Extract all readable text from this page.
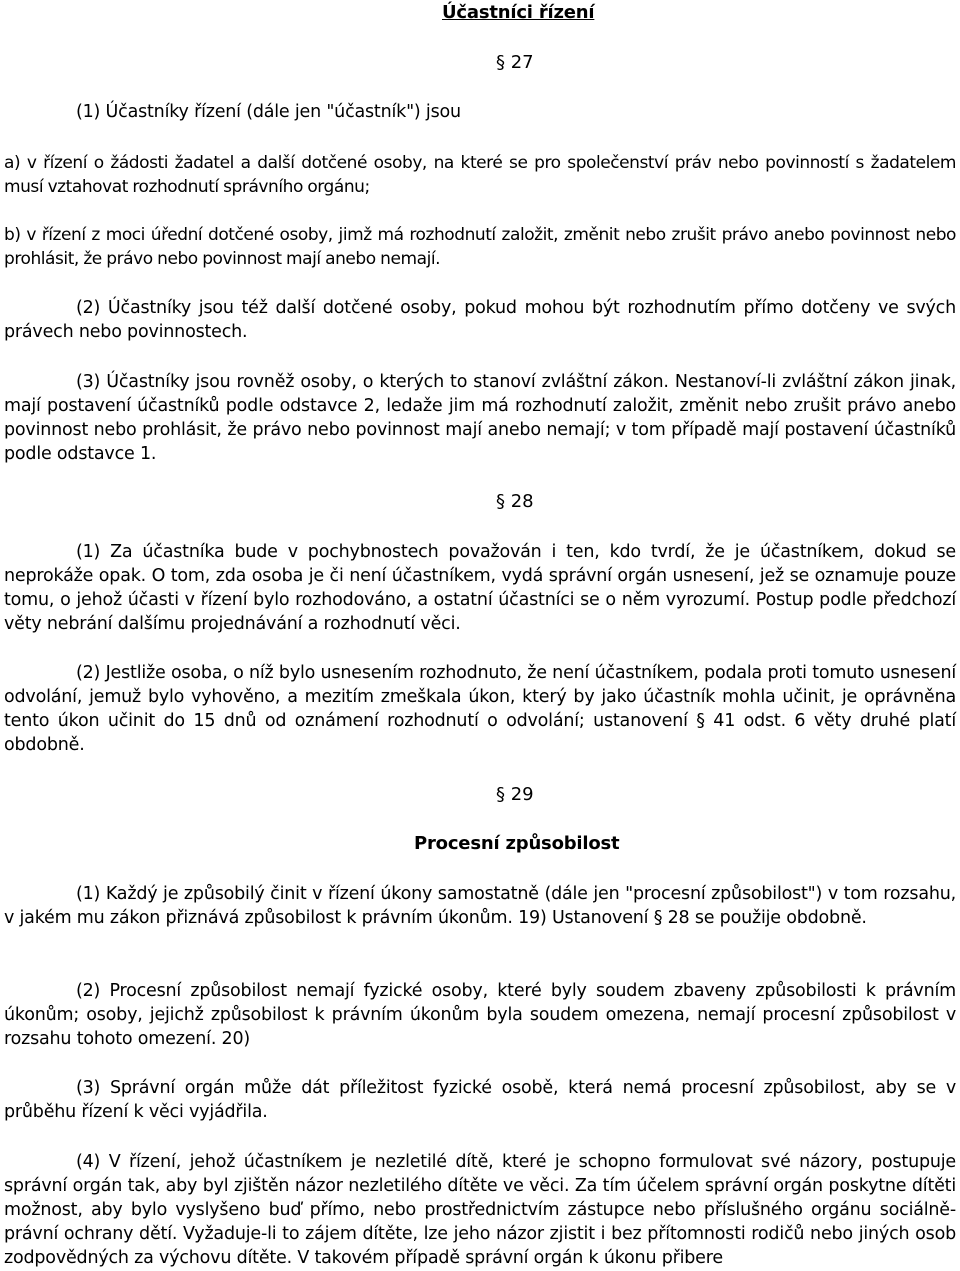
Účastníci řízení
§ 27

(1) Účastníky řízení (dále jen "účastník") jsou

a) v řízení o žádosti žadatel a další dotčené osoby, na které se pro společenství práv nebo povinností s žadatelem musí vztahovat rozhodnutí správního orgánu;

b) v řízení z moci úřední dotčené osoby, jimž má rozhodnutí založit, změnit nebo zrušit právo anebo povinnost nebo prohlásit, že právo nebo povinnost mají anebo nemají.

(2) Účastníky jsou též další dotčené osoby, pokud mohou být rozhodnutím přímo dotčeny ve svých právech nebo povinnostech.

(3) Účastníky jsou rovněž osoby, o kterých to stanoví zvláštní zákon. Nestanoví-li zvláštní zákon jinak, mají postavení účastníků podle odstavce 2, ledaže jim má rozhodnutí založit, změnit nebo zrušit právo anebo povinnost nebo prohlásit, že právo nebo povinnost mají anebo nemají; v tom případě mají postavení účastníků podle odstavce 1.

§ 28

(1) Za účastníka bude v pochybnostech považován i ten, kdo tvrdí, že je účastníkem, dokud se neprokáže opak. O tom, zda osoba je či není účastníkem, vydá správní orgán usnesení, jež se oznamuje pouze tomu, o jehož účasti v řízení bylo rozhodováno, a ostatní účastníci se o něm vyrozumí. Postup podle předchozí věty nebrání dalšímu projednávání a rozhodnutí věci.

(2) Jestliže osoba, o níž bylo usnesením rozhodnuto, že není účastníkem, podala proti tomuto usnesení odvolání, jemuž bylo vyhověno, a mezitím zmeškala úkon, který by jako účastník mohla učinit, je oprávněna tento úkon učinit do 15 dnů od oznámení rozhodnutí o odvolání; ustanovení § 41 odst. 6 věty druhé platí obdobně.

§ 29
Procesní způsobilost

(1) Každý je způsobilý činit v řízení úkony samostatně (dále jen "procesní způsobilost") v tom rozsahu, v jakém mu zákon přiznává způsobilost k právním úkonům. 19) Ustanovení § 28 se použije obdobně.

(2) Procesní způsobilost nemají fyzické osoby, které byly soudem zbaveny způsobilosti k právním úkonům; osoby, jejichž způsobilost k právním úkonům byla soudem omezena, nemají procesní způsobilost v rozsahu tohoto omezení. 20)

(3) Správní orgán může dát příležitost fyzické osobě, která nemá procesní způsobilost, aby se v průběhu řízení k věci vyjádřila.

(4) V řízení, jehož účastníkem je nezletilé dítě, které je schopno formulovat své názory, postupuje správní orgán tak, aby byl zjištěn názor nezletilého dítěte ve věci. Za tím účelem správní orgán poskytne dítěti možnost, aby bylo vyslyšeno buď přímo, nebo prostřednictvím zástupce nebo příslušného orgánu sociálně-právní ochrany dětí. Vyžaduje-li to zájem dítěte, lze jeho názor zjistit i bez přítomnosti rodičů nebo jiných osob zodpovědných za výchovu dítěte. V takovém případě správní orgán k úkonu přibere
